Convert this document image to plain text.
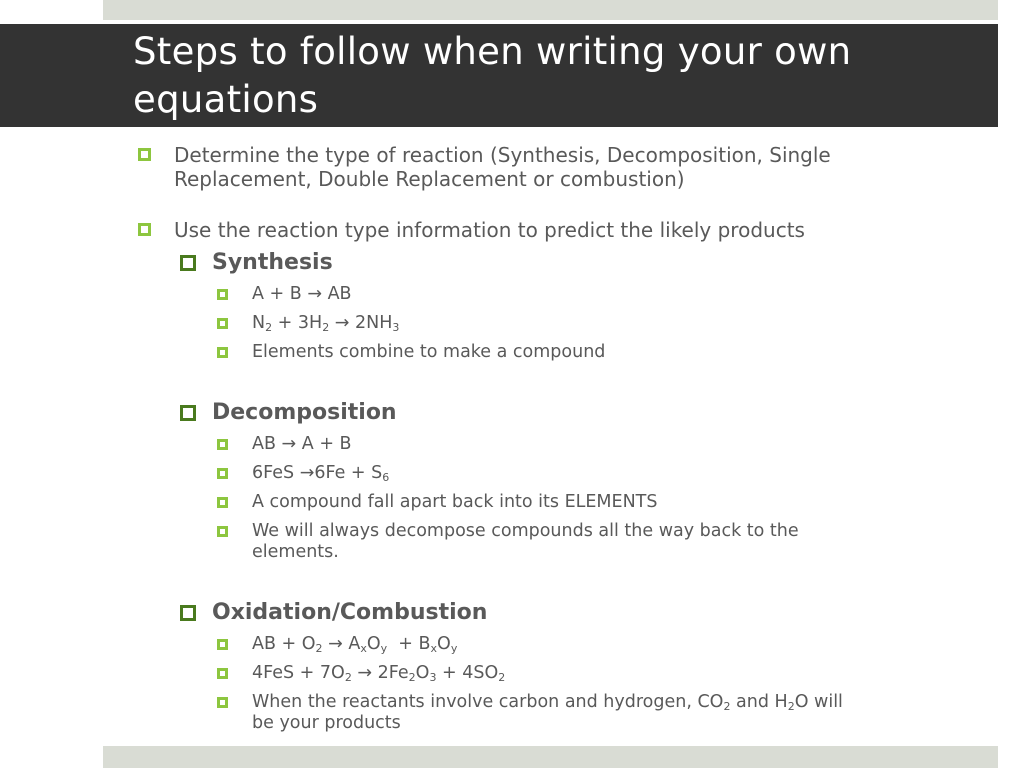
Steps to follow when writing your own
equations
Determine the type of reaction (Synthesis, Decomposition, Single
Replacement, Double Replacement or combustion)
Use the reaction type information to predict the likely products
Synthesis
A + B → AB
$N_2 + 3H_2 \to 2NH_3$
Elements combine to make a compound
Decomposition
AB → A + B
$6FeS \to 6Fe + S_6$
A compound fall apart back into its ELEMENTS
We will always decompose compounds all the way back to the
elements.
Oxidation/Combustion
AB + $O_2 \to A_xO_y + B_xO_y$
$4FeS + 7O_2 \to 2Fe_2O_3 + 4SO_2$
When the reactants involve carbon and hydrogen, $CO_2$ and $H_2O$ will
be your products
